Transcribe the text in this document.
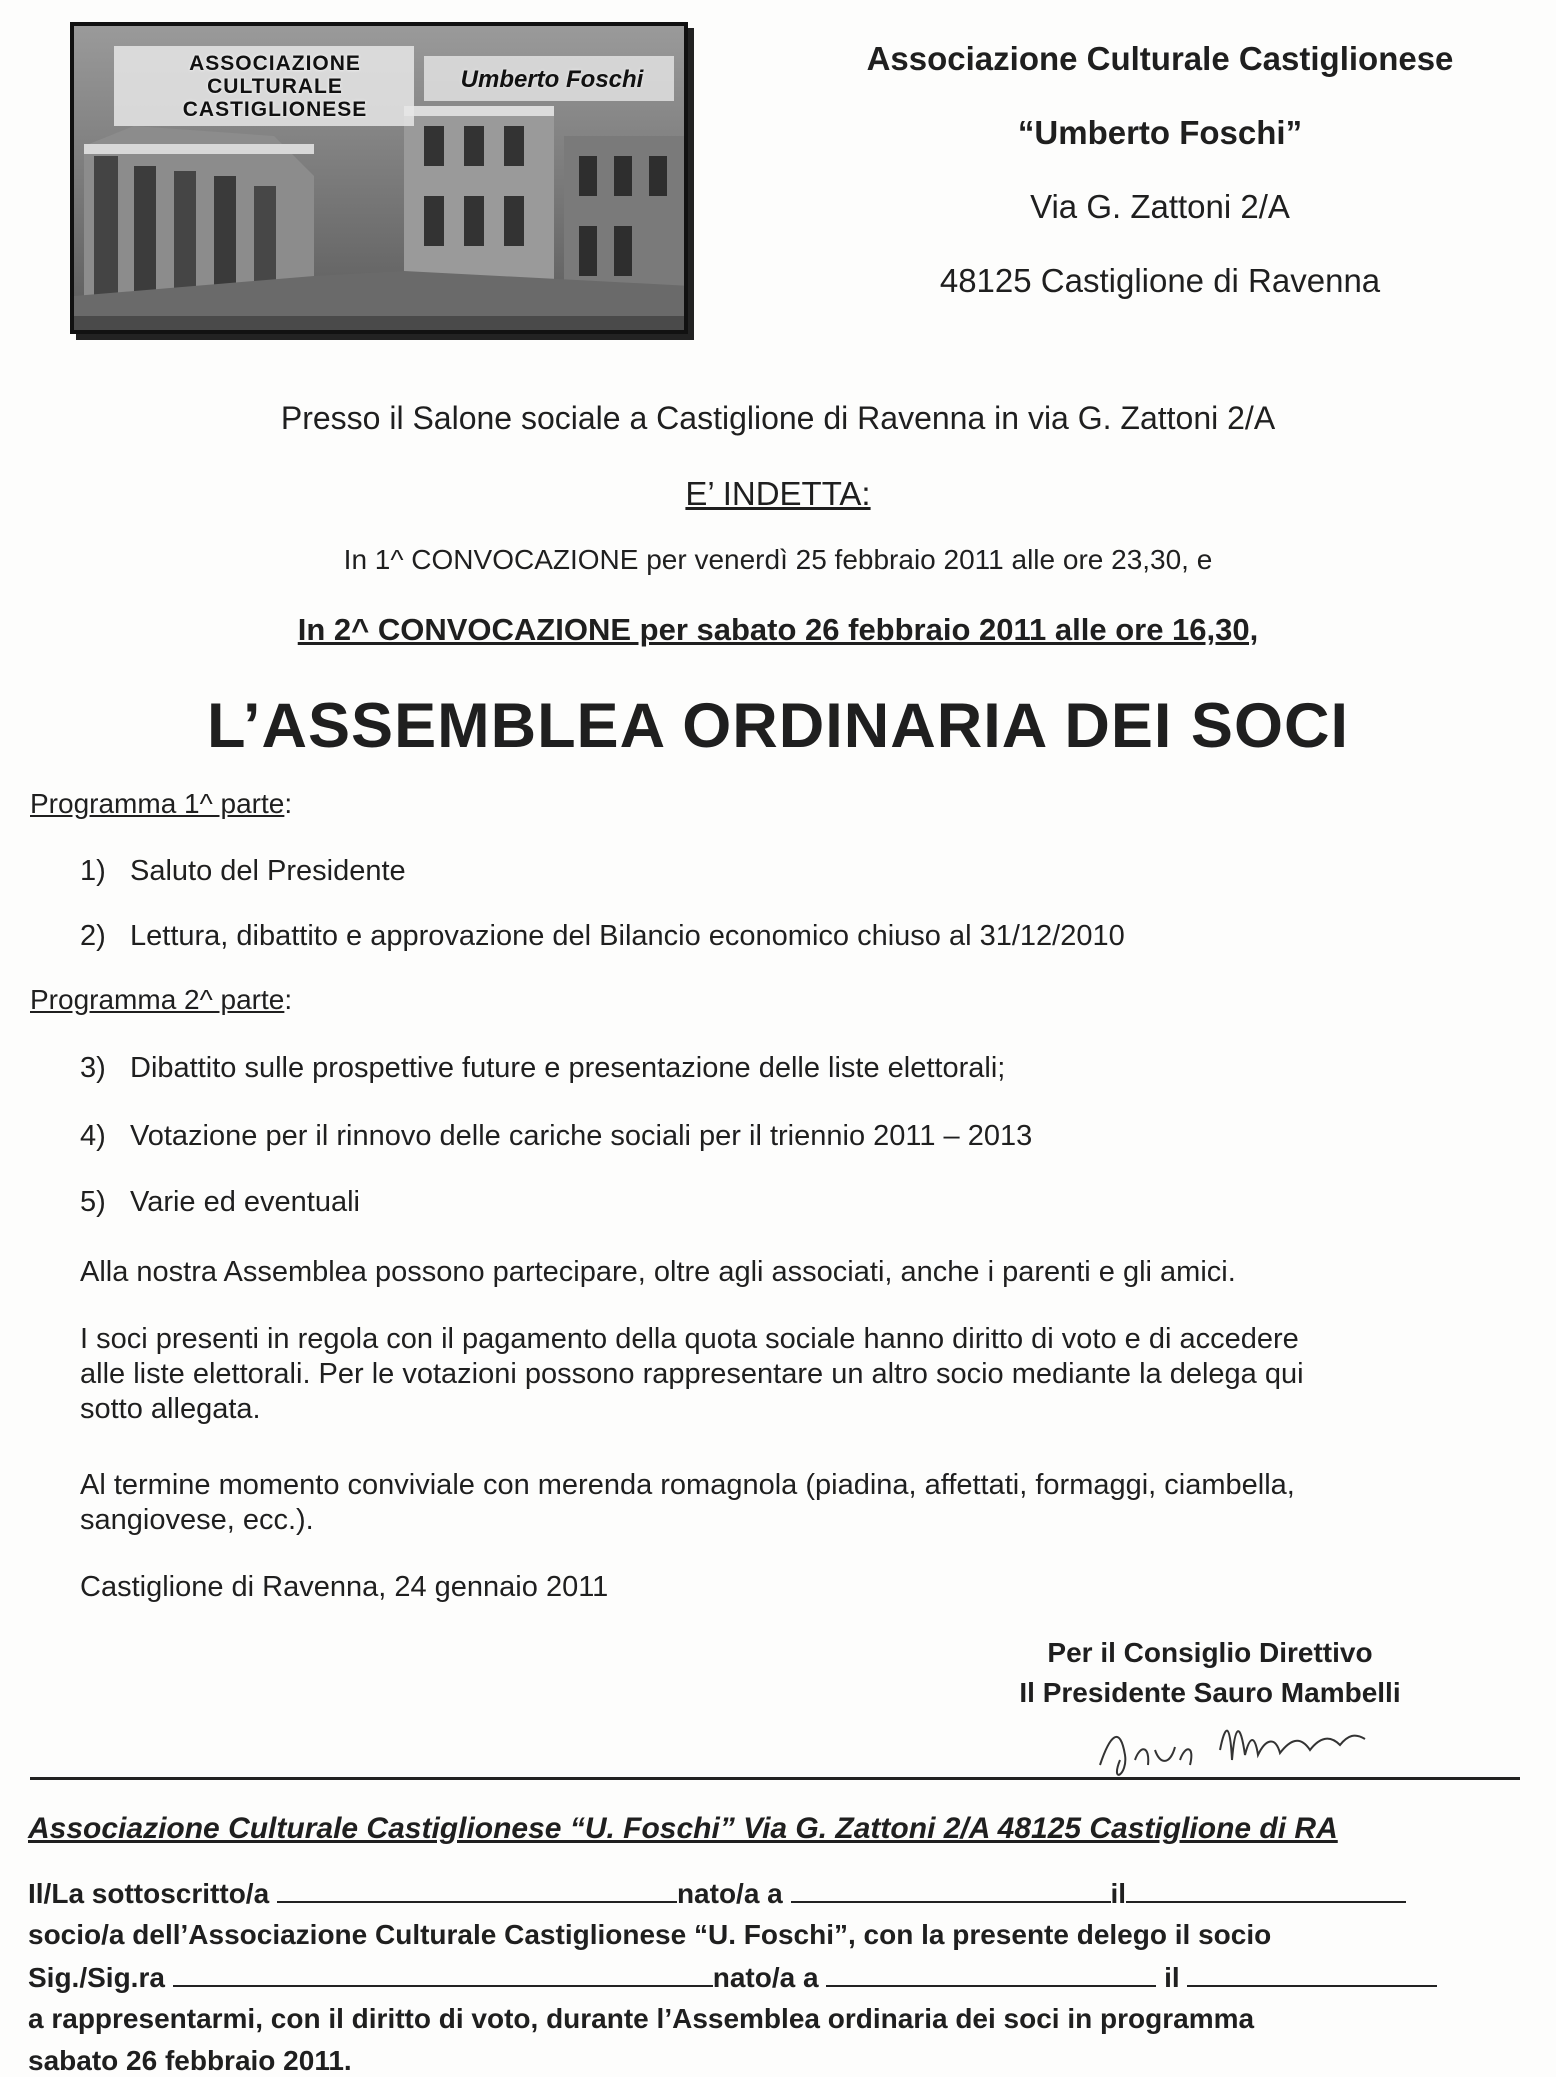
ASSOCIAZIONE
CULTURALE
CASTIGLIONESE
Umberto Foschi
Associazione Culturale Castiglionese
“Umberto Foschi”
Via G. Zattoni 2/A
48125 Castiglione di Ravenna
Presso il Salone sociale a Castiglione di Ravenna in via G. Zattoni 2/A
E’ INDETTA:
In 1^ CONVOCAZIONE per venerdì 25 febbraio 2011 alle ore 23,30, e
In 2^ CONVOCAZIONE per sabato 26 febbraio 2011 alle ore 16,30,
L’ASSEMBLEA ORDINARIA DEI SOCI
Programma 1^ parte:
1) Saluto del Presidente
2) Lettura, dibattito e approvazione del Bilancio economico chiuso al 31/12/2010
Programma 2^ parte:
3) Dibattito sulle prospettive future e presentazione delle liste elettorali;
4) Votazione per il rinnovo delle cariche sociali per il triennio 2011 – 2013
5) Varie ed eventuali
Alla nostra Assemblea possono partecipare, oltre agli associati, anche i parenti e gli amici.
I soci presenti in regola con il pagamento della quota sociale hanno diritto di voto e di accedere
alle liste elettorali. Per le votazioni possono rappresentare un altro socio mediante la delega qui
sotto allegata.
Al termine momento conviviale con merenda romagnola (piadina, affettati, formaggi, ciambella,
sangiovese, ecc.).
Castiglione di Ravenna, 24 gennaio 2011
Per il Consiglio Direttivo
Il Presidente Sauro Mambelli
Associazione Culturale Castiglionese “U. Foschi” Via G. Zattoni 2/A 48125 Castiglione di RA
Il/La sottoscritto/a	nato/a a	il
socio/a dell’Associazione Culturale Castiglionese “U. Foschi”, con la presente delego il socio
Sig./Sig.ra	nato/a a	il
a rappresentarmi, con il diritto di voto, durante l’Assemblea ordinaria dei soci in programma
sabato 26 febbraio 2011.
